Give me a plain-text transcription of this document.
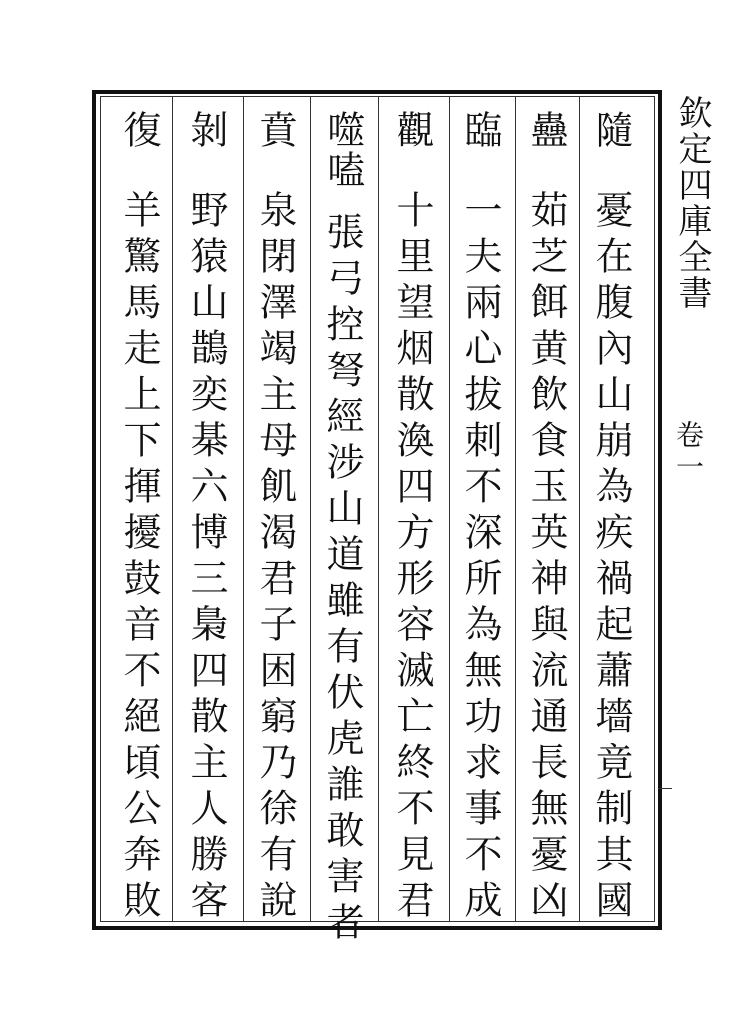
隨
憂在腹內山崩為疾禍起蕭墻竟制其國
蠱
茹芝餌黄飲食玉英神與流通長無憂凶
臨
一夫兩心拔刺不深所為無功求事不成
觀
十里望烟散渙四方形容滅亡終不見君
噬嗑
張弓控弩經涉山道雖有伏虎誰敢害者
賁
泉閉澤竭主母飢渴君子困窮乃徐有說
剝
野猿山鵲奕棊六博三梟四散主人勝客
復
羊驚馬走上下揮擾鼓音不絕頃公奔敗	欽定四庫全書
卷一
